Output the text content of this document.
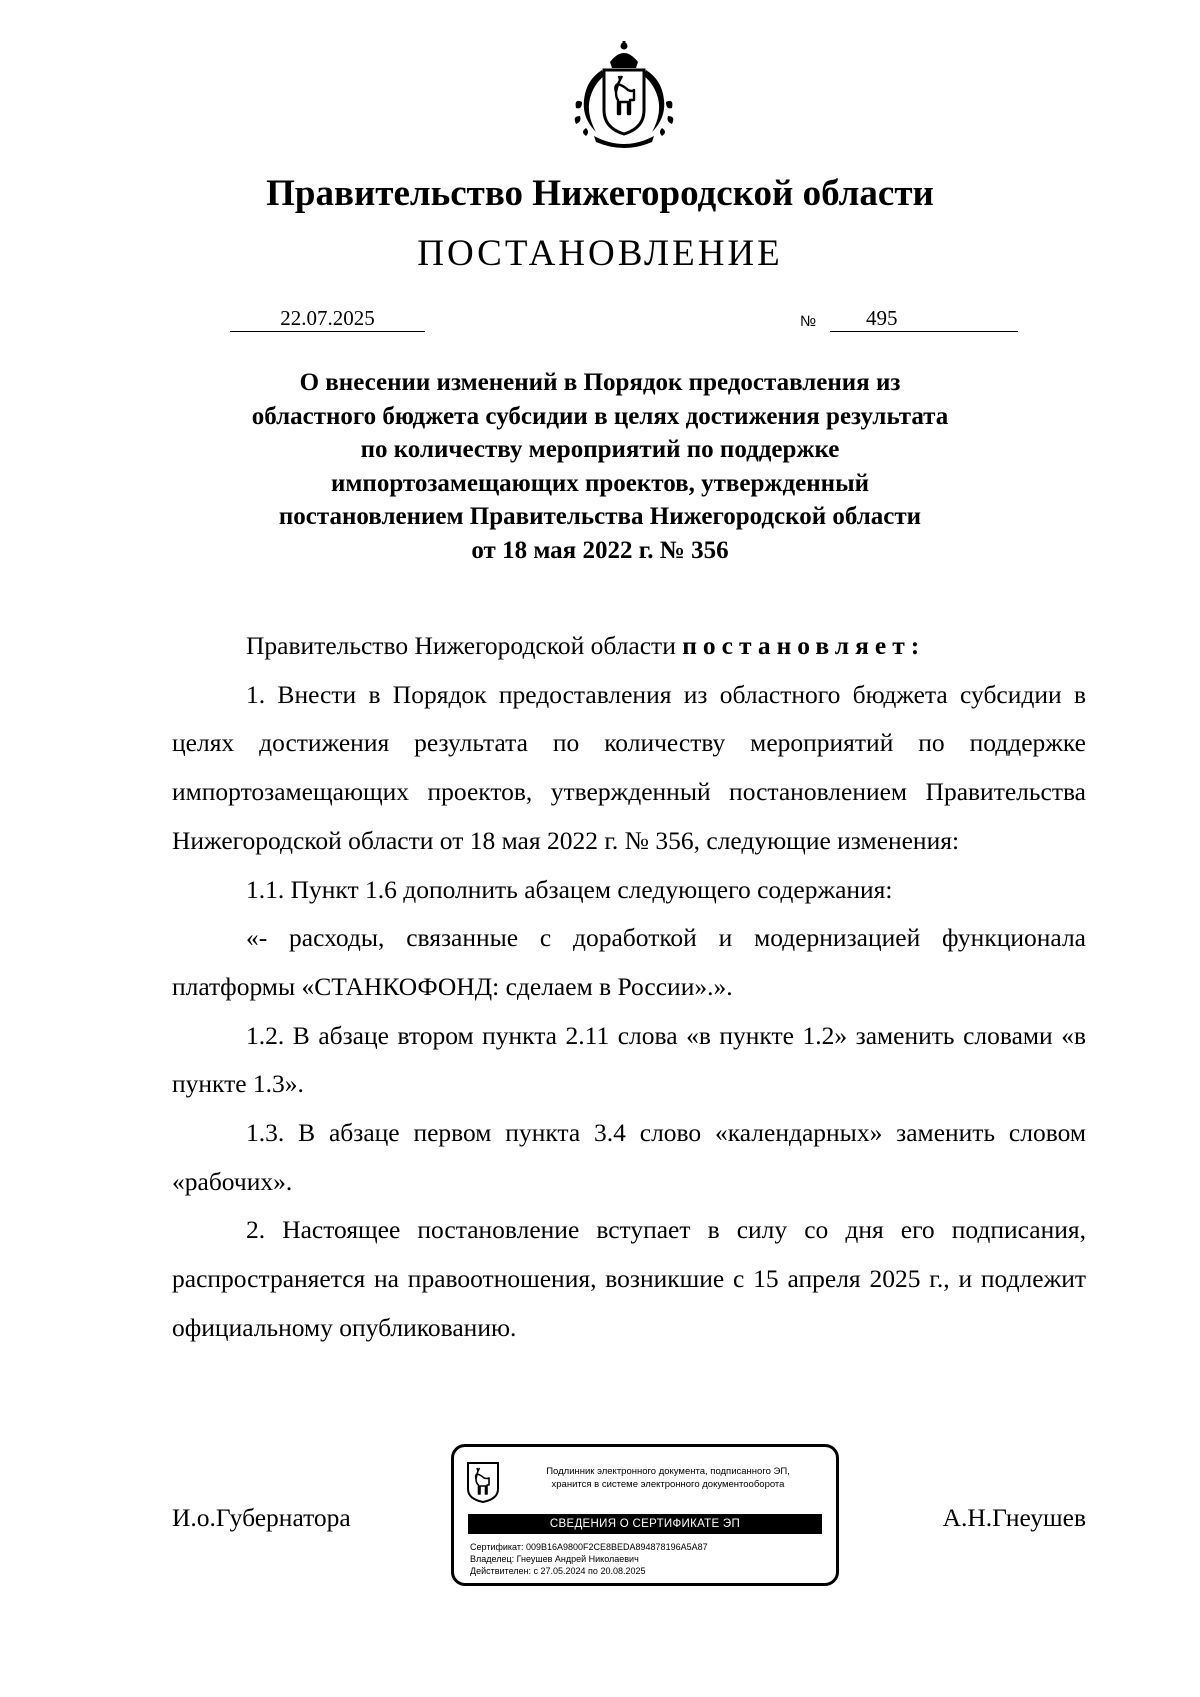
Правительство Нижегородской области
ПОСТАНОВЛЕНИЕ
22.07.2025	№	495
О внесении изменений в Порядок предоставления из
областного бюджета субсидии в целях достижения результата
по количеству мероприятий по поддержке
импортозамещающих проектов, утвержденный
постановлением Правительства Нижегородской области
от 18 мая 2022 г. № 356

Правительство Нижегородской области постановляет:

1. Внести в Порядок предоставления из областного бюджета субсидии в целях достижения результата по количеству мероприятий по поддержке импортозамещающих проектов, утвержденный постановлением Правительства Нижегородской области от 18 мая 2022 г. № 356, следующие изменения:

1.1. Пункт 1.6 дополнить абзацем следующего содержания:

«- расходы, связанные с доработкой и модернизацией функционала платформы «СТАНКОФОНД: сделаем в России».».

1.2. В абзаце втором пункта 2.11 слова «в пункте 1.2» заменить словами «в пункте 1.3».

1.3. В абзаце первом пункта 3.4 слово «календарных» заменить словом «рабочих».

2. Настоящее постановление вступает в силу со дня его подписания, распространяется на правоотношения, возникшие с 15 апреля 2025 г., и подлежит официальному опубликованию.

И.о.Губернатора	А.Н.Гнеушев
Подлинник электронного документа, подписанного ЭП,
хранится в системе электронного документооборота
СВЕДЕНИЯ О СЕРТИФИКАТЕ ЭП
Сертификат: 009B16A9800F2CE8BEDA894878196A5A87
Владелец: Гнеушев Андрей Николаевич
Действителен: с 27.05.2024 по 20.08.2025
